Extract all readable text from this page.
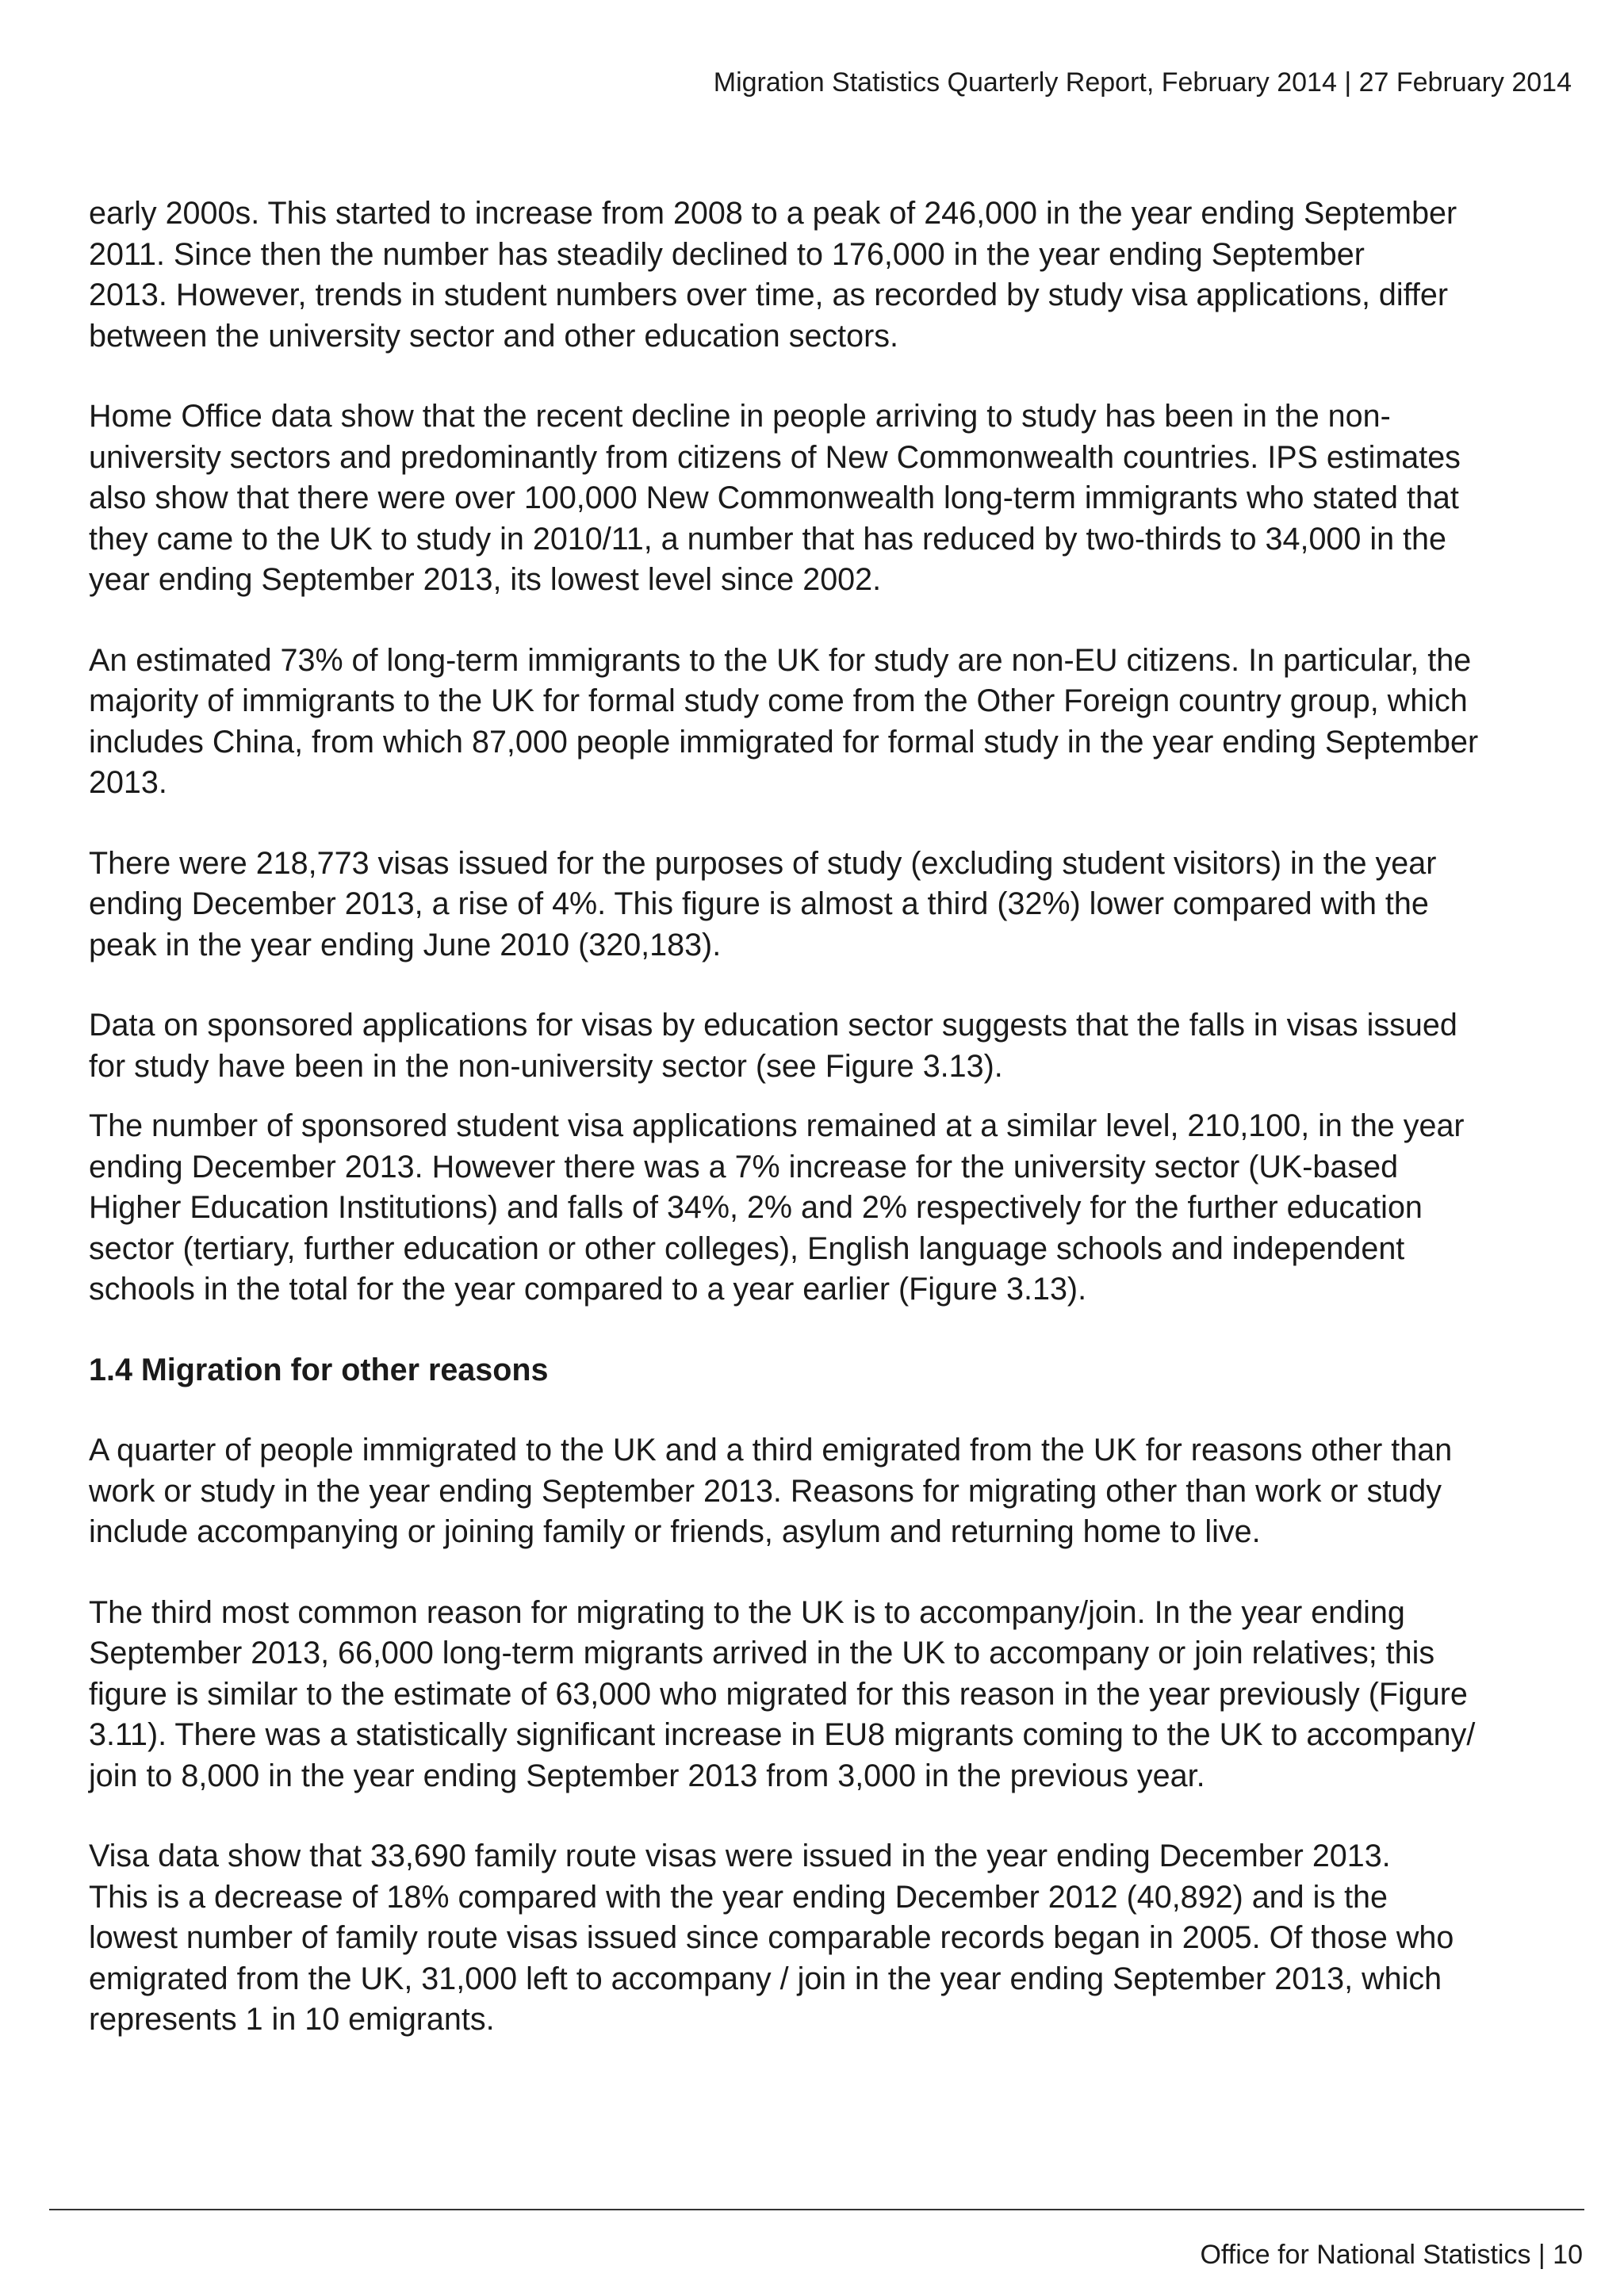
Migration Statistics Quarterly Report, February 2014 | 27 February 2014

early 2000s. This started to increase from 2008 to a peak of 246,000 in the year ending September
2011. Since then the number has steadily declined to 176,000 in the year ending September
2013. However, trends in student numbers over time, as recorded by study visa applications, differ
between the university sector and other education sectors.

Home Office data show that the recent decline in people arriving to study has been in the non-
university sectors and predominantly from citizens of New Commonwealth countries. IPS estimates
also show that there were over 100,000 New Commonwealth long-term immigrants who stated that
they came to the UK to study in 2010/11, a number that has reduced by two-thirds to 34,000 in the
year ending September 2013, its lowest level since 2002.

An estimated 73% of long-term immigrants to the UK for study are non-EU citizens. In particular, the
majority of immigrants to the UK for formal study come from the Other Foreign country group, which
includes China, from which 87,000 people immigrated for formal study in the year ending September
2013.

There were 218,773 visas issued for the purposes of study (excluding student visitors) in the year
ending December 2013, a rise of 4%. This figure is almost a third (32%) lower compared with the
peak in the year ending June 2010 (320,183).

Data on sponsored applications for visas by education sector suggests that the falls in visas issued
for study have been in the non-university sector (see Figure 3.13).

The number of sponsored student visa applications remained at a similar level, 210,100, in the year
ending December 2013. However there was a 7% increase for the university sector (UK-based
Higher Education Institutions) and falls of 34%, 2% and 2% respectively for the further education
sector (tertiary, further education or other colleges), English language schools and independent
schools in the total for the year compared to a year earlier (Figure 3.13).

1.4 Migration for other reasons

A quarter of people immigrated to the UK and a third emigrated from the UK for reasons other than
work or study in the year ending September 2013. Reasons for migrating other than work or study
include accompanying or joining family or friends, asylum and returning home to live.

The third most common reason for migrating to the UK is to accompany/join. In the year ending
September 2013, 66,000 long-term migrants arrived in the UK to accompany or join relatives; this
figure is similar to the estimate of 63,000 who migrated for this reason in the year previously (Figure
3.11). There was a statistically significant increase in EU8 migrants coming to the UK to accompany/
join to 8,000 in the year ending September 2013 from 3,000 in the previous year.

Visa data show that 33,690 family route visas were issued in the year ending December 2013.
This is a decrease of 18% compared with the year ending December 2012 (40,892) and is the
lowest number of family route visas issued since comparable records began in 2005. Of those who
emigrated from the UK, 31,000 left to accompany / join in the year ending September 2013, which
represents 1 in 10 emigrants.

Office for National Statistics | 10
